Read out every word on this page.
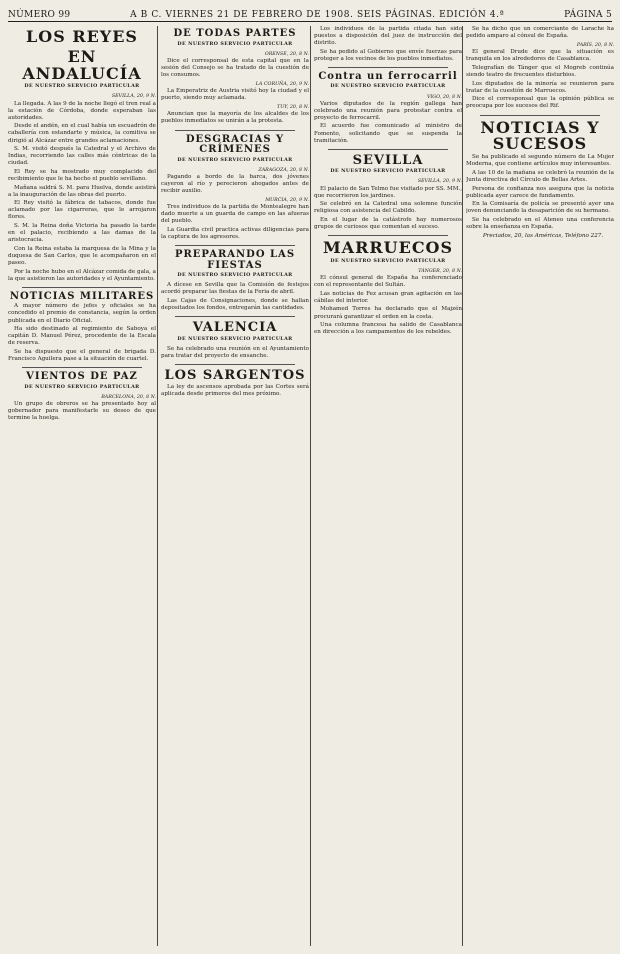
NÚMERO 99	A B C. VIERNES 21 DE FEBRERO DE 1908. SEIS PÁGINAS. EDICIÓN 4.ª	PÁGINA 5
LOS REYES
EN ANDALUCÍA
DE NUESTRO SERVICIO PARTICULAR
SEVILLA, 20, 9 N.

La llegada. A las 9 de la noche llegó el tren real a la estación de Córdoba, donde esperaban las autoridades.

Desde el andén, en el cual había un escuadrón de caballería con estandarte y música, la comitiva se dirigió al Alcázar entre grandes aclamaciones.

S. M. visitó después la Catedral y el Archivo de Indias, recorriendo las calles más céntricas de la ciudad.

El Rey se ha mostrado muy complacido del recibimiento que le ha hecho el pueblo sevillano.

Mañana saldrá S. M. para Huelva, donde asistirá a la inauguración de las obras del puerto.

El Rey visitó la fábrica de tabacos, donde fue aclamado por las cigarreras, que le arrojaron flores.

S. M. la Reina doña Victoria ha pasado la tarde en el palacio, recibiendo a las damas de la aristocracia.

Con la Reina estaba la marquesa de la Mina y la duquesa de San Carlos, que le acompañaron en el paseo.

Por la noche hubo en el Alcázar comida de gala, a la que asistieron las autoridades y el Ayuntamiento.

NOTICIAS MILITARES

A mayor número de jefes y oficiales se ha concedido el premio de constancia, según la orden publicada en el Diario Oficial.

Ha sido destinado al regimiento de Saboya el capitán D. Manuel Pérez, procedente de la Escala de reserva.

Se ha dispuesto que el general de brigada D. Francisco Aguilera pase a la situación de cuartel.

VIENTOS DE PAZ
DE NUESTRO SERVICIO PARTICULAR
BARCELONA, 20, 8 N.

Un grupo de obreros se ha presentado hoy al gobernador para manifestarle su deseo de que termine la huelga.

DE TODAS PARTES
DE NUESTRO SERVICIO PARTICULAR
ORENSE, 20, 8 N.

Dice el corresponsal de esta capital que en la sesión del Consejo se ha tratado de la cuestión de los consumos.

LA CORUÑA, 20, 9 N.

La Emperatriz de Austria visitó hoy la ciudad y el puerto, siendo muy aclamada.

TUY, 20, 8 N.

Anuncian que la mayoría de los alcaldes de los pueblos inmediatos se unirán a la protesta.

DESGRACIAS Y CRÍMENES
DE NUESTRO SERVICIO PARTICULAR
ZARAGOZA, 20, 8 N.

Pagando a bordo de la barca, dos jóvenes cayeron al río y perecieron ahogados antes de recibir auxilio.

MURCIA, 20, 9 N.

Tres individuos de la partida de Montealegre han dado muerte a un guarda de campo en las afueras del pueblo.

La Guardia civil practica activas diligencias para la captura de los agresores.

PREPARANDO LAS FIESTAS
DE NUESTRO SERVICIO PARTICULAR

A dícese en Sevilla que la Comisión de festejos acordó preparar las fiestas de la Feria de abril.

Las Cajas de Consignaciones, donde se hallan depositados los fondos, entregarán las cantidades.

VALENCIA
DE NUESTRO SERVICIO PARTICULAR

Se ha celebrado una reunión en el Ayuntamiento para tratar del proyecto de ensanche.

LOS SARGENTOS

La ley de ascensos aprobada por las Cortes será aplicada desde primeros del mes próximo.

Los individuos de la partida citada han sido puestos a disposición del juez de instrucción del distrito.

Se ha pedido al Gobierno que envíe fuerzas para proteger a los vecinos de los pueblos inmediatos.

Contra un ferrocarril
DE NUESTRO SERVICIO PARTICULAR
VIGO, 20, 8 N.

Varios diputados de la región gallega han celebrado una reunión para protestar contra el proyecto de ferrocarril.

El acuerdo fue comunicado al ministro de Fomento, solicitando que se suspenda la tramitación.

SEVILLA
DE NUESTRO SERVICIO PARTICULAR
SEVILLA, 20, 9 N.

El palacio de San Telmo fue visitado por SS. MM., que recorrieron los jardines.

Se celebró en la Catedral una solemne función religiosa con asistencia del Cabildo.

En el lugar de la catástrofe hay numerosos grupos de curiosos que comentan el suceso.

MARRUECOS
DE NUESTRO SERVICIO PARTICULAR
TÁNGER, 20, 8 N.

El cónsul general de España ha conferenciado con el representante del Sultán.

Las noticias de Fez acusan gran agitación en las cábilas del interior.

Mohamed Torres ha declarado que el Majzén procurará garantizar el orden en la costa.

Una columna francesa ha salido de Casablanca en dirección a los campamentos de los rebeldes.

Se ha dicho que un comerciante de Larache ha pedido amparo al cónsul de España.

PARÍS, 20, 8 N.

El general Drude dice que la situación es tranquila en los alrededores de Casablanca.

Telegrafían de Tánger que el Mogreb continúa siendo teatro de frecuentes disturbios.

Los diputados de la minoría se reunieron para tratar de la cuestión de Marruecos.

Dice el corresponsal que la opinión pública se preocupa por los sucesos del Rif.

NOTICIAS Y SUCESOS

Se ha publicado el segundo número de La Mujer Moderna, que contiene artículos muy interesantes.

A las 10 de la mañana se celebró la reunión de la Junta directiva del Círculo de Bellas Artes.

Persona de confianza nos asegura que la noticia publicada ayer carece de fundamento.

En la Comisaría de policía se presentó ayer una joven denunciando la desaparición de su hermano.

Se ha celebrado en el Ateneo una conferencia sobre la enseñanza en España.

Preciados, 20, las Américas, Teléfono 227.
